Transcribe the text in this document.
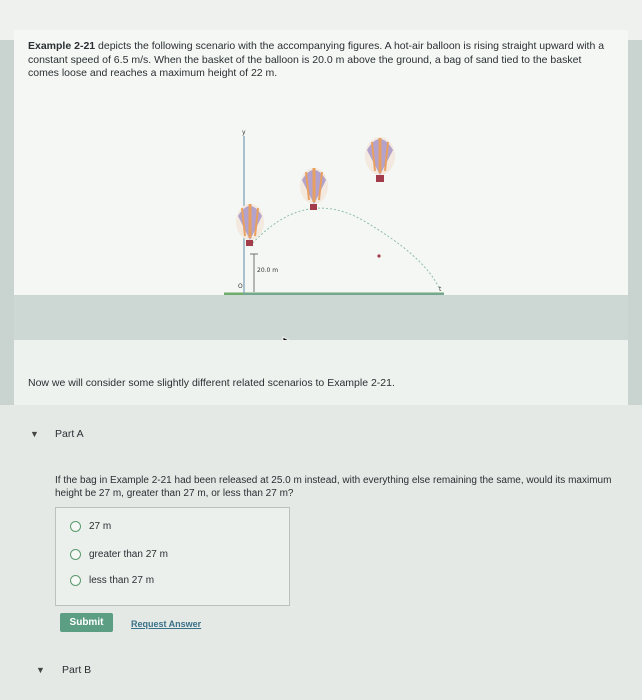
Example 2-21 depicts the following scenario with the accompanying figures. A hot-air balloon is rising straight upward with a constant speed of 6.5 m/s. When the basket of the balloon is 20.0 m above the ground, a bag of sand tied to the basket comes loose and reaches a maximum height of 22 m.
t
y
O
20.0 m
Now we will consider some slightly different related scenarios to Example 2-21.
▼ Part A
If the bag in Example 2-21 had been released at 25.0 m instead, with everything else remaining the same, would its maximum height be 27 m, greater than 27 m, or less than 27 m?
27 m
greater than 27 m
less than 27 m
Submit	Request Answer
▼ Part B
